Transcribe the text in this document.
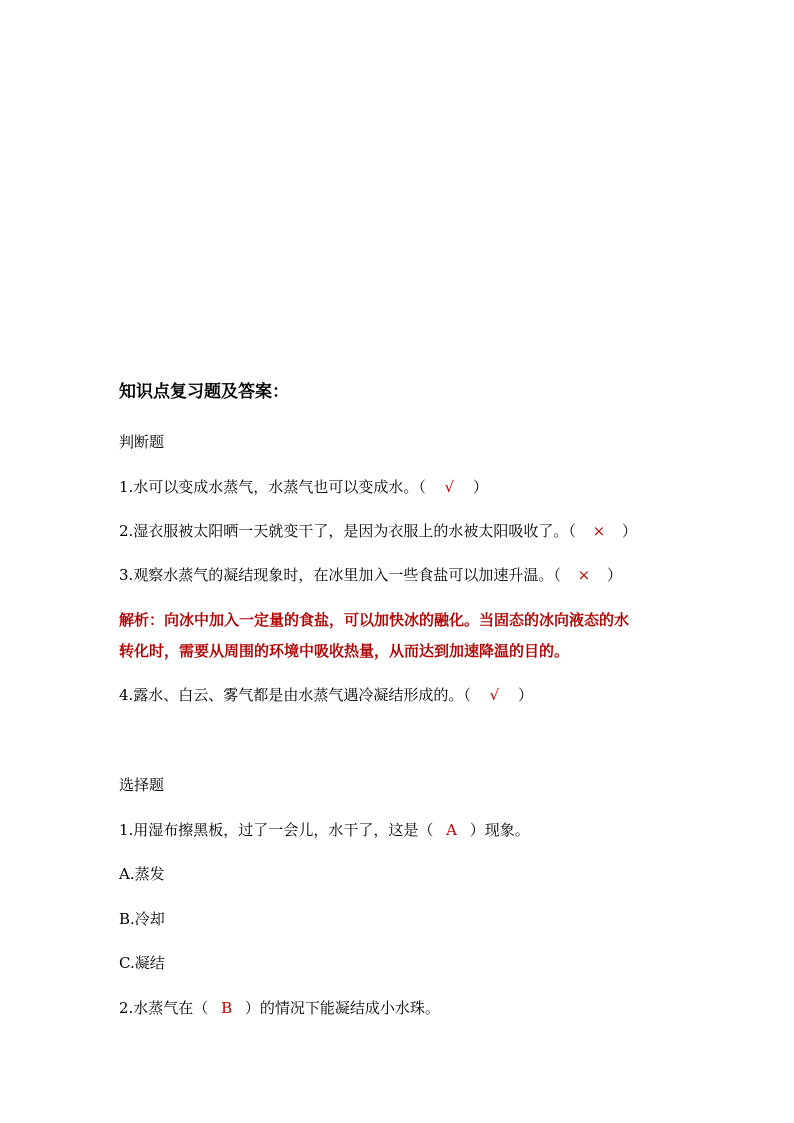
知识点复习题及答案：
判断题
1.水可以变成水蒸气，水蒸气也可以变成水。（ √ ）
2.湿衣服被太阳晒一天就变干了，是因为衣服上的水被太阳吸收了。（ × ）
3.观察水蒸气的凝结现象时，在冰里加入一些食盐可以加速升温。（ × ）
解析：向冰中加入一定量的食盐，可以加快冰的融化。当固态的冰向液态的水
转化时，需要从周围的环境中吸收热量，从而达到加速降温的目的。
4.露水、白云、雾气都是由水蒸气遇冷凝结形成的。（ √ ）
选择题
1.用湿布擦黑板，过了一会儿，水干了，这是（ A ）现象。
A.蒸发
B.冷却
C.凝结
2.水蒸气在（ B ）的情况下能凝结成小水珠。
